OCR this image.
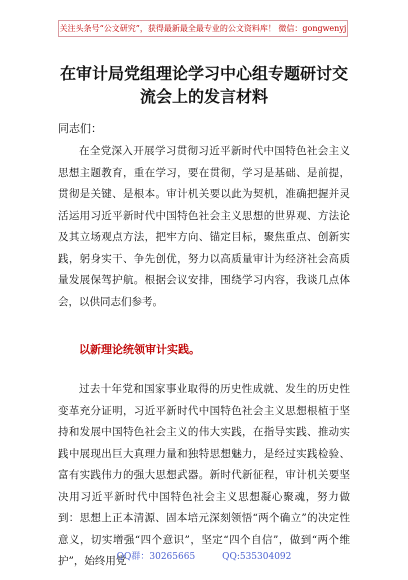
关注头条号“公文研究”，获得最新最全最专业的公文资料库！ 微信：gongwenyj
在审计局党组理论学习中心组专题研讨交
流会上的发言材料
同志们：
在全党深入开展学习贯彻习近平新时代中国特色社会主义思想主题教育，重在学习，要在贯彻，学习是基础、是前提，贯彻是关键、是根本。审计机关要以此为契机，准确把握并灵活运用习近平新时代中国特色社会主义思想的世界观、方法论及其立场观点方法，把牢方向、锚定目标，聚焦重点、创新实践，躬身实干、争先创优，努力以高质量审计为经济社会高质量发展保驾护航。根据会议安排，围绕学习内容，我谈几点体会，以供同志们参考。
以新理论统领审计实践。
过去十年党和国家事业取得的历史性成就、发生的历史性变革充分证明，习近平新时代中国特色社会主义思想根植于坚持和发展中国特色社会主义的伟大实践，在指导实践、推动实践中展现出巨大真理力量和独特思想魅力，是经过实践检验、富有实践伟力的强大思想武器。新时代新征程，审计机关要坚决用习近平新时代中国特色社会主义思想凝心聚魂，努力做到：思想上正本清源、固本培元深刻领悟“两个确立”的决定性意义，切实增强“四个意识”，坚定“四个自信”，做到“两个维护”，始终用党
QQ群：30265665	QQ:535304092
